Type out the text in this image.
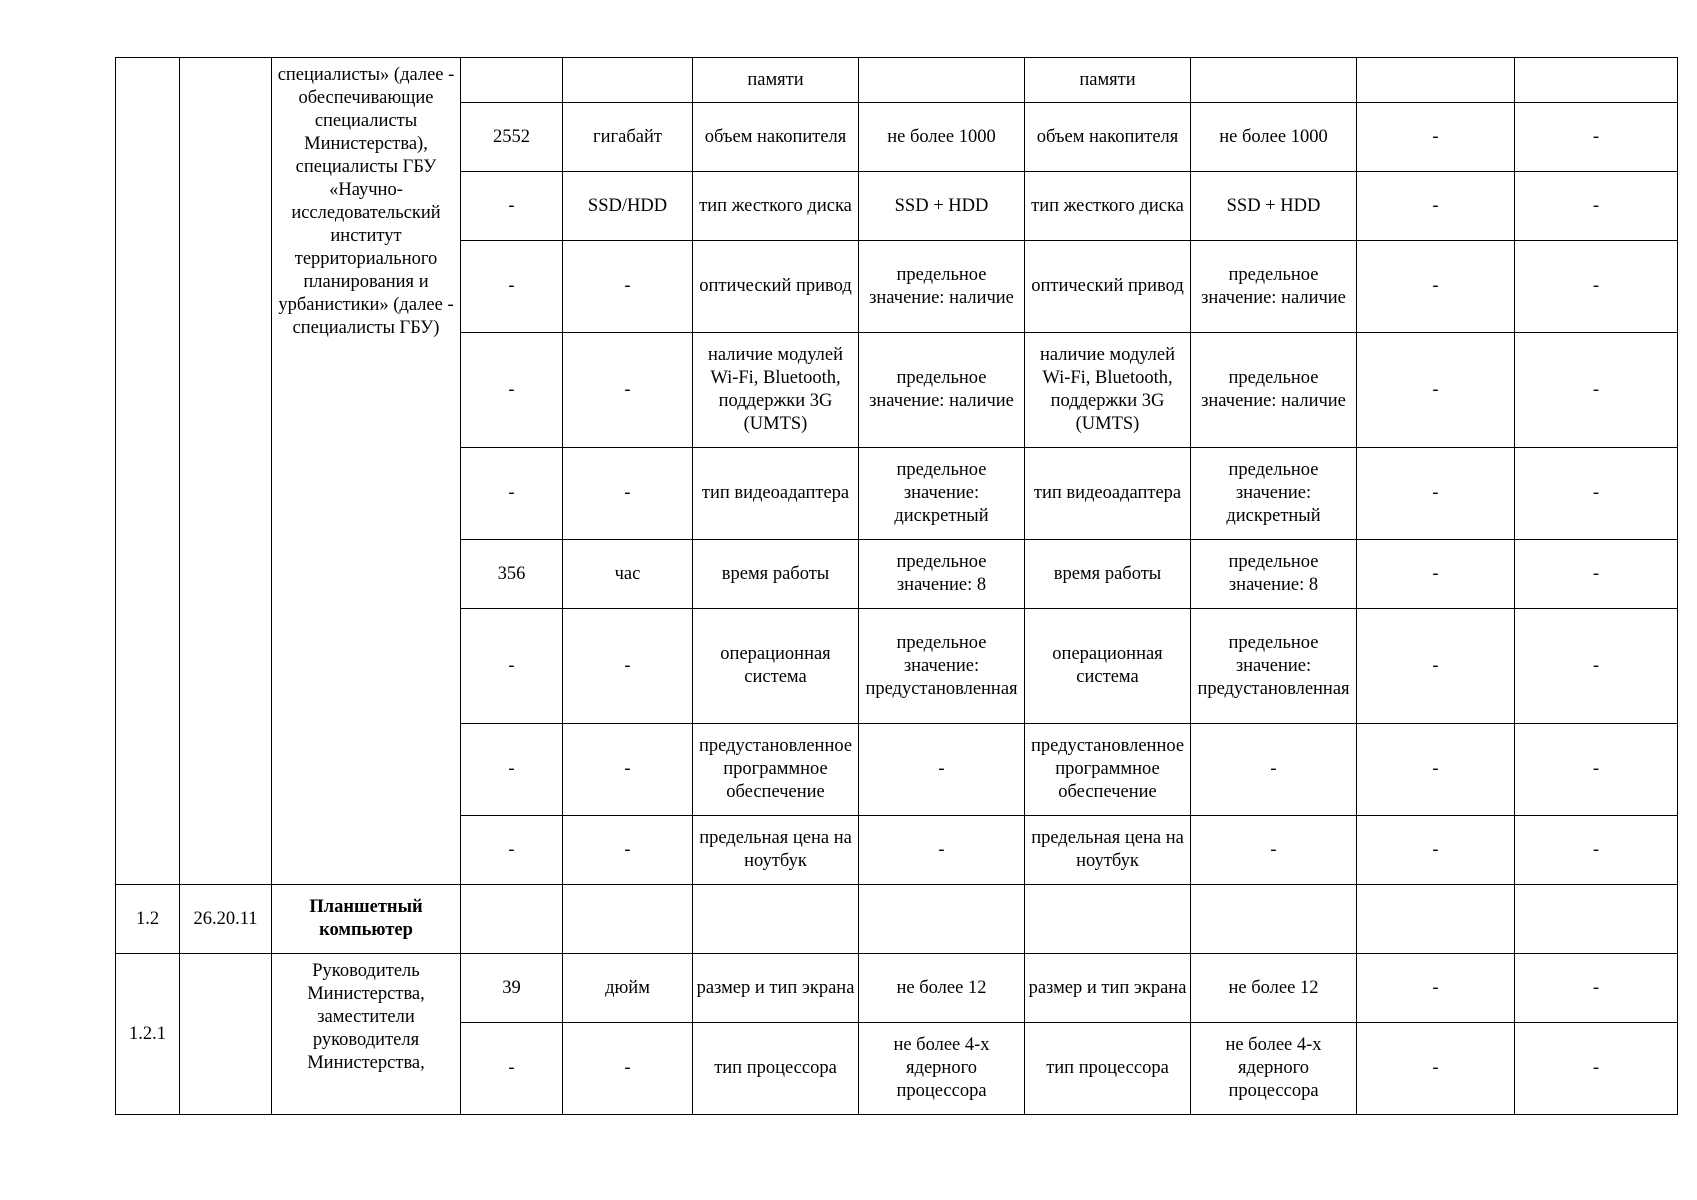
		специалисты» (далее - обеспечивающие специалисты Министерства), специалисты ГБУ «Научно-исследовательский институт территориального планирования и урбанистики» (далее - специалисты ГБУ)			памяти		памяти			
			2552	гигабайт	объем накопителя	не более 1000	объем накопителя	не более 1000	-	-
			-	SSD/HDD	тип жесткого диска	SSD + HDD	тип жесткого диска	SSD + HDD	-	-
			-	-	оптический привод	предельное значение: наличие	оптический привод	предельное значение: наличие	-	-
			-	-	наличие модулей Wi-Fi, Bluetooth, поддержки 3G (UMTS)	предельное значение: наличие	наличие модулей Wi-Fi, Bluetooth, поддержки 3G (UMTS)	предельное значение: наличие	-	-
			-	-	тип видеоадаптера	предельное значение: дискретный	тип видеоадаптера	предельное значение: дискретный	-	-
			356	час	время работы	предельное значение: 8	время работы	предельное значение: 8	-	-
			-	-	операционная система	предельное значение: предустановленная	операционная система	предельное значение: предустановленная	-	-
			-	-	предустановленное программное обеспечение	-	предустановленное программное обеспечение	-	-	-
			-	-	предельная цена на ноутбук	-	предельная цена на ноутбук	-	-	-
1.2	26.20.11	Планшетный компьютер								
1.2.1		Руководитель Министерства, заместители руководителя Министерства,	39	дюйм	размер и тип экрана	не более 12	размер и тип экрана	не более 12	-	-
			-	-	тип процессора	не более 4-х ядерного процессора	тип процессора	не более 4-х ядерного процессора	-	-
